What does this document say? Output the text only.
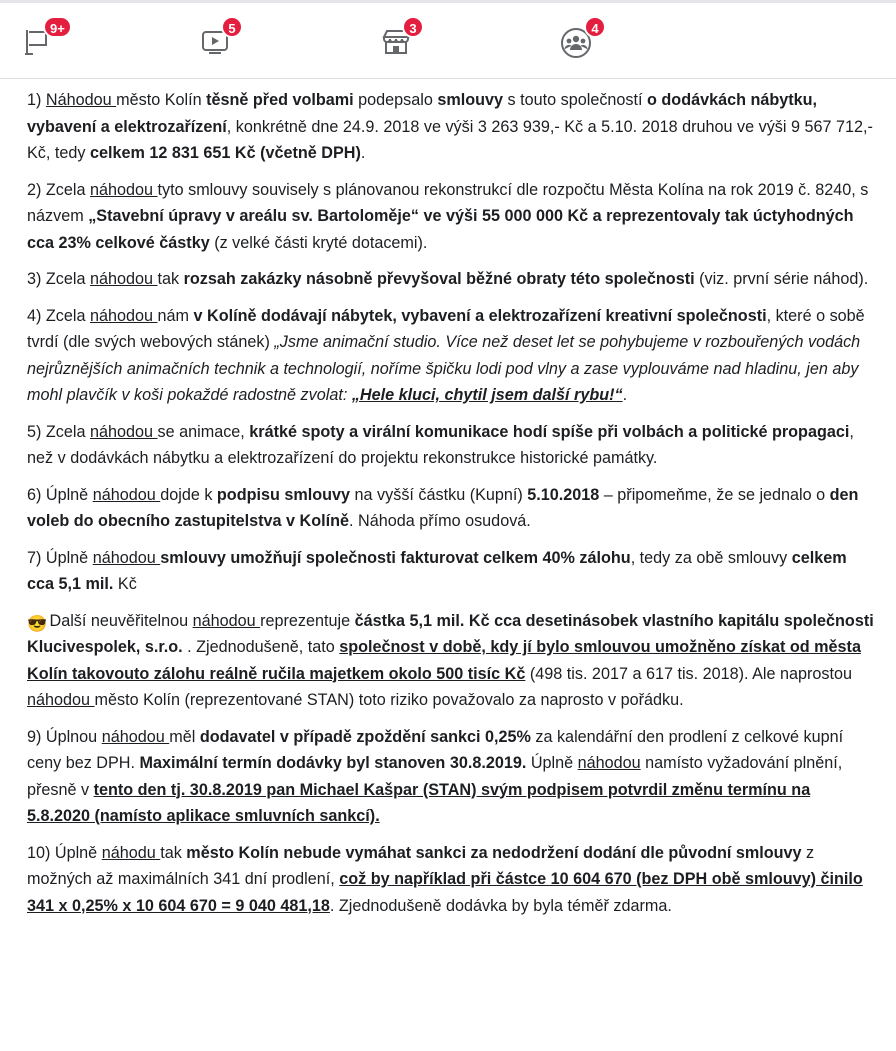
9+	5	3	4

1) Náhodou město Kolín těsně před volbami podepsalo smlouvy s touto společností o dodávkách nábytku, vybavení a elektrozařízení, konkrétně dne 24.9. 2018 ve výši 3 263 939,- Kč a 5.10. 2018 druhou ve výši 9 567 712,- Kč, tedy celkem 12 831 651 Kč (včetně DPH).

2) Zcela náhodou tyto smlouvy souvisely s plánovanou rekonstrukcí dle rozpočtu Města Kolína na rok 2019 č. 8240, s názvem „Stavební úpravy v areálu sv. Bartoloměje“ ve výši 55 000 000 Kč a reprezentovaly tak úctyhodných cca 23% celkové částky (z velké části kryté dotacemi).

3) Zcela náhodou tak rozsah zakázky násobně převyšoval běžné obraty této společnosti (viz. první série náhod).

4) Zcela náhodou nám v Kolíně dodávají nábytek, vybavení a elektrozařízení kreativní společnosti, které o sobě tvrdí (dle svých webových stánek) „Jsme animační studio. Více než deset let se pohybujeme v rozbouřených vodách nejrůznějších animačních technik a technologií, noříme špičku lodi pod vlny a zase vyplouváme nad hladinu, jen aby mohl plavčík v koši pokaždé radostně zvolat: „Hele kluci, chytil jsem další rybu!“.

5) Zcela náhodou se animace, krátké spoty a virální komunikace hodí spíše při volbách a politické propagaci, než v dodávkách nábytku a elektrozařízení do projektu rekonstrukce historické památky.

6) Úplně náhodou dojde k podpisu smlouvy na vyšší částku (Kupní) 5.10.2018 – připomeňme, že se jednalo o den voleb do obecního zastupitelstva v Kolíně. Náhoda přímo osudová.

7) Úplně náhodou smlouvy umožňují společnosti fakturovat celkem 40% zálohu, tedy za obě smlouvy celkem cca 5,1 mil. Kč

😎 Další neuvěřitelnou náhodou reprezentuje částka 5,1 mil. Kč cca desetinásobek vlastního kapitálu společnosti Klucivespolek, s.r.o. . Zjednodušeně, tato společnost v době, kdy jí bylo smlouvou umožněno získat od města Kolín takovouto zálohu reálně ručila majetkem okolo 500 tisíc Kč (498 tis. 2017 a 617 tis. 2018). Ale naprostou náhodou město Kolín (reprezentované STAN) toto riziko považovalo za naprosto v pořádku.

9) Úplnou náhodou měl dodavatel v případě zpoždění sankci 0,25% za kalendářní den prodlení z celkové kupní ceny bez DPH. Maximální termín dodávky byl stanoven 30.8.2019. Úplně náhodou namísto vyžadování plnění, přesně v tento den tj. 30.8.2019 pan Michael Kašpar (STAN) svým podpisem potvrdil změnu termínu na 5.8.2020 (namísto aplikace smluvních sankcí).

10) Úplně náhodu tak město Kolín nebude vymáhat sankci za nedodržení dodání dle původní smlouvy z možných až maximálních 341 dní prodlení, což by například při částce 10 604 670 (bez DPH obě smlouvy) činilo 341 x 0,25% x 10 604 670 = 9 040 481,18. Zjednodušeně dodávka by byla téměř zdarma.
